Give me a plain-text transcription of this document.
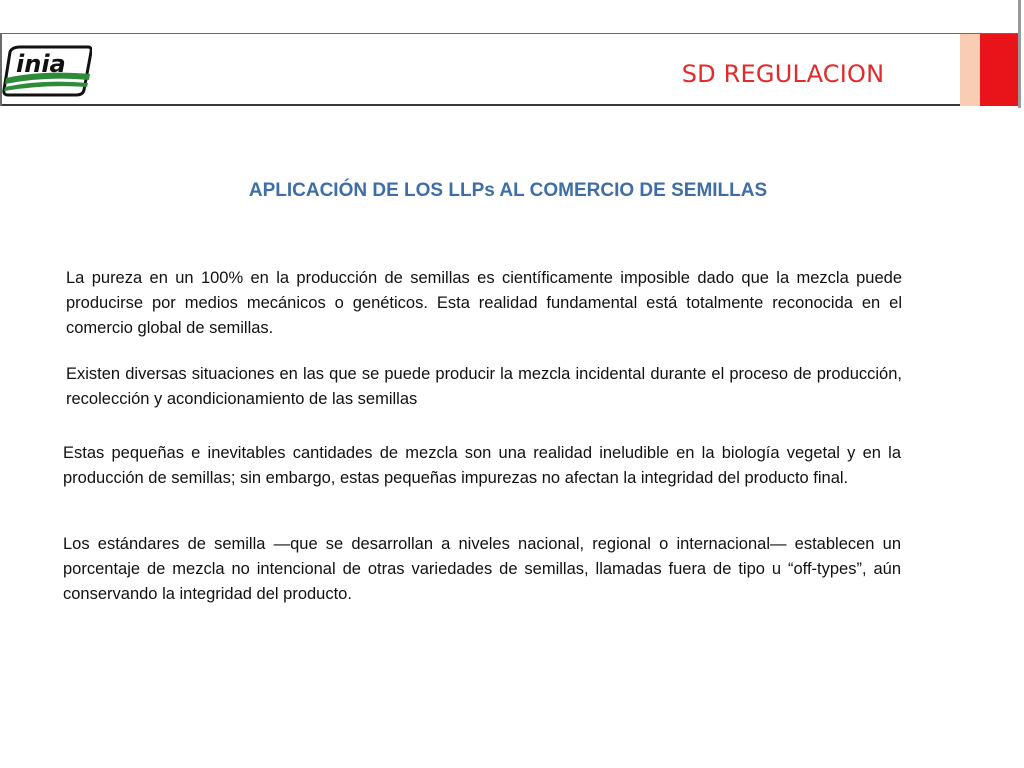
inia	SD REGULACION
APLICACIÓN DE LOS LLPs AL COMERCIO DE SEMILLAS

La pureza en un 100% en la producción de semillas es científicamente imposible dado que la mezcla puede producirse por medios mecánicos o genéticos. Esta realidad fundamental está totalmente reconocida en el comercio global de semillas.

Existen diversas situaciones en las que se puede producir la mezcla incidental durante el proceso de producción, recolección y acondicionamiento de las semillas

Estas pequeñas e inevitables cantidades de mezcla son una realidad ineludible en la biología vegetal y en la producción de semillas; sin embargo, estas pequeñas impurezas no afectan la integridad del producto final.

Los estándares de semilla —que se desarrollan a niveles nacional, regional o internacional— establecen un porcentaje de mezcla no intencional de otras variedades de semillas, llamadas fuera de tipo u “off-types”, aún conservando la integridad del producto.
